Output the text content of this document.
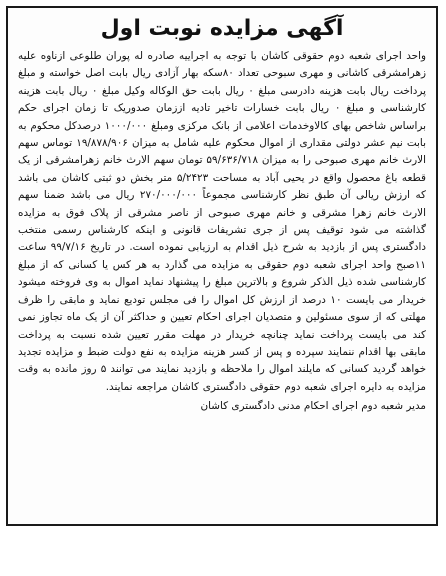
آگهی مزایده نوبت اول
واحد اجرای شعبه دوم حقوقی کاشان با توجه به اجراییه صادره له پوران طلوعی ازناوه علیه زهرامشرقی کاشانی و مهری سبوحی تعداد ۸۰سکه بهار آزادی ریال بابت اصل خواسته و مبلغ پرداخت ریال بابت هزینه دادرسی مبلغ ۰ ریال بابت حق الوکاله وکیل مبلغ ۰ ریال بابت هزینه کارشناسی و مبلغ ۰ ریال بابت خسارات تاخیر تادیه اززمان صدوریک تا زمان اجرای حکم براساس شاخص بهای کالاوخدمات اعلامی از بانک مرکزی ومبلغ ۱۰۰۰/۰۰۰ درصدکل محکوم به بابت نیم عشر دولتی مقداری از اموال محکوم علیه شامل به میزان ۱۹/۸۷۸/۹۰۶ توماس سهم الارث خانم مهری صبوحی را به میزان ۵۹/۶۳۶/۷۱۸ تومان سهم الارث خانم زهرامشرقی از یک قطعه باغ محصول واقع در یحیی آباد به مساحت ۵/۲۴۲۳ متر بخش دو ثبتی کاشان می باشد که ارزش ریالی آن طبق نظر کارشناسی مجموعاً ۲۷۰/۰۰۰/۰۰۰ ریال می باشد ضمنا سهم الارث خانم زهرا مشرقی و خانم مهری صبوحی از ناصر مشرقی از پلاک فوق به مزایده گذاشته می شود توقیف پس از جری تشریفات قانونی و اینکه کارشناس رسمی منتخب دادگستری پس از بازدید به شرح ذیل اقدام به ارزیابی نموده است. در تاریخ ۹۹/۷/۱۶ ساعت ۱۱صبح واحد اجرای شعبه دوم حقوقی به مزایده می گذارد به هر کس یا کسانی که از مبلغ کارشناسی شده ذیل الذکر شروع و بالاترین مبلغ را پیشنهاد نماید اموال به وی فروخته میشود خریدار می بایست ۱۰ درصد از ارزش کل اموال را فی مجلس تودیع نماید و مابقی را ظرف مهلتی که از سوی مسئولین و متصدیان اجرای احکام تعیین و حداکثر آن از یک ماه تجاوز نمی کند می بایست پرداخت نماید چنانچه خریدار در مهلت مقرر تعیین شده نسبت به پرداخت مابقی بها اقدام ننمایند سپرده و پس از کسر هزینه مزایده به نفع دولت ضبط و مزایده تجدید خواهد گردید کسانی که مایلند اموال را ملاحظه و بازدید نمایند می توانند ۵ روز مانده به وقت مزایده به دایره اجرای شعبه دوم حقوقی دادگستری کاشان مراجعه نمایند.
مدیر شعبه دوم اجرای احکام مدنی دادگستری کاشان
